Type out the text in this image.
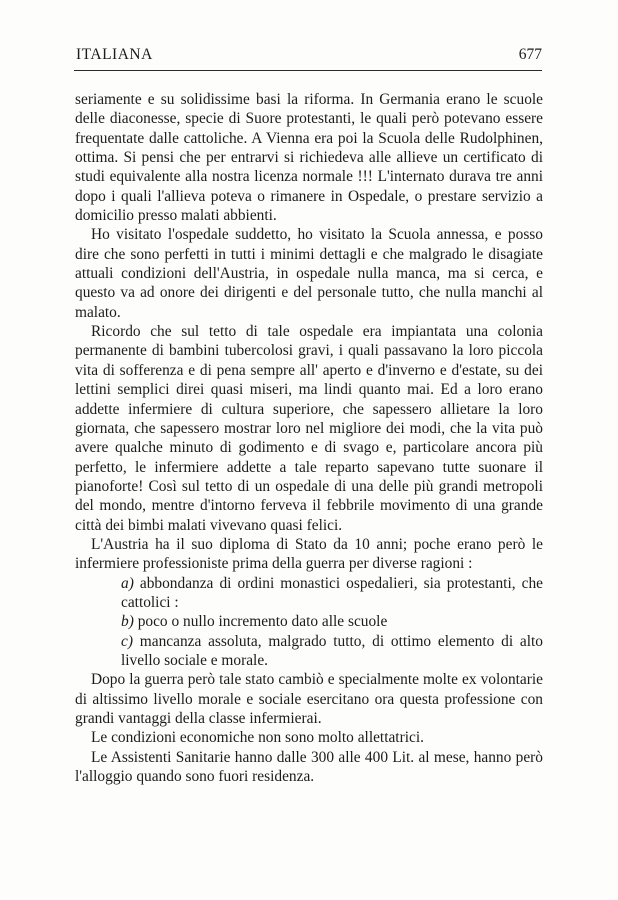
ITALIANA	677

seriamente e su solidissime basi la riforma. In Germania erano le scuole delle diaconesse, specie di Suore protestanti, le quali però potevano essere frequentate dalle cattoliche. A Vienna era poi la Scuola delle Rudolphinen, ottima. Si pensi che per entrarvi si richiedeva alle allieve un certificato di studi equivalente alla nostra licenza normale !!! L'internato durava tre anni dopo i quali l'allieva poteva o rimanere in Ospedale, o prestare servizio a domicilio presso malati abbienti.

Ho visitato l'ospedale suddetto, ho visitato la Scuola annessa, e posso dire che sono perfetti in tutti i minimi dettagli e che malgrado le disagiate attuali condizioni dell'Austria, in ospedale nulla manca, ma si cerca, e questo va ad onore dei dirigenti e del personale tutto, che nulla manchi al malato.

Ricordo che sul tetto di tale ospedale era impiantata una colonia permanente di bambini tubercolosi gravi, i quali passavano la loro piccola vita di sofferenza e di pena sempre all' aperto e d'inverno e d'estate, su dei lettini semplici direi quasi miseri, ma lindi quanto mai. Ed a loro erano addette infermiere di cultura superiore, che sapessero allietare la loro giornata, che sapessero mostrar loro nel migliore dei modi, che la vita può avere qualche minuto di godimento e di svago e, particolare ancora più perfetto, le infermiere addette a tale reparto sapevano tutte suonare il pianoforte! Così sul tetto di un ospedale di una delle più grandi metropoli del mondo, mentre d'intorno ferveva il febbrile movimento di una grande città dei bimbi malati vivevano quasi felici.

L'Austria ha il suo diploma di Stato da 10 anni; poche erano però le infermiere professioniste prima della guerra per diverse ragioni :

a) abbondanza di ordini monastici ospedalieri, sia protestanti, che cattolici :

b) poco o nullo incremento dato alle scuole

c) mancanza assoluta, malgrado tutto, di ottimo elemento di alto livello sociale e morale.

Dopo la guerra però tale stato cambiò e specialmente molte ex volontarie di altissimo livello morale e sociale esercitano ora questa professione con grandi vantaggi della classe infermierai.

Le condizioni economiche non sono molto allettatrici.

Le Assistenti Sanitarie hanno dalle 300 alle 400 Lit. al mese, hanno però l'alloggio quando sono fuori residenza.
